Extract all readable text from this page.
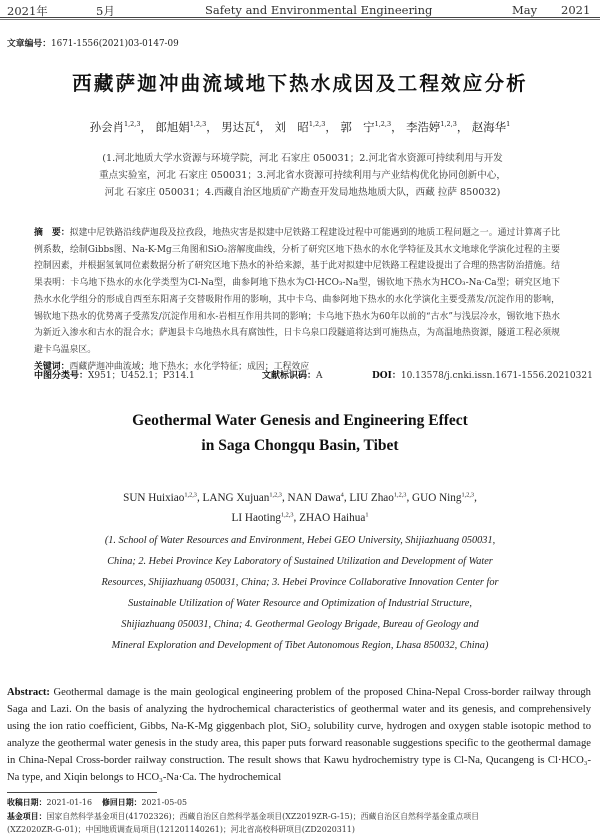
2021年	5月	Safety and Environmental Engineering	May 2021
文章编号：1671-1556(2021)03-0147-09
西藏萨迦冲曲流域地下热水成因及工程效应分析
孙会肖$^{1,2,3}$， 郎旭娟$^{1,2,3}$， 男达瓦$^4$， 刘　昭$^{1,2,3}$， 郭　宁$^{1,2,3}$， 李浩婷$^{1,2,3}$， 赵海华$^1$
(1.河北地质大学水资源与环境学院，河北 石家庄 050031；2.河北省水资源可持续利用与开发
重点实验室，河北 石家庄 050031；3.河北省水资源可持续利用与产业结构优化协同创新中心，
河北 石家庄 050031；4.西藏自治区地质矿产勘查开发局地热地质大队，西藏 拉萨 850032)
摘　要：拟建中尼铁路沿线萨迦段及拉孜段，地热灾害是拟建中尼铁路工程建设过程中可能遇到的地质工程问题之一。通过计算离子比例系数，绘制Gibbs图、Na-K-Mg三角图和SiO₂溶解度曲线，分析了研究区地下热水的水化学特征及其水文地球化学演化过程的主要控制因素，并根据氢氧同位素数据分析了研究区地下热水的补给来源，基于此对拟建中尼铁路工程建设提出了合理的热害防治措施。结果表明：卡乌地下热水的水化学类型为Cl-Na型，曲参阿地下热水为Cl·HCO₃-Na型，锡钦地下热水为HCO₃-Na·Ca型；研究区地下热水水化学组分的形成自西至东阳离子交替吸附作用的影响，其中卡乌、曲参阿地下热水的水化学演化主要受蒸发/沉淀作用的影响，锡钦地下热水的优势离子受蒸发/沉淀作用和水-岩相互作用共同的影响；卡乌地下热水为60年以前的“古水”与浅层冷水，锡钦地下热水为新近入渗水和古水的混合水；萨迦县卡乌地热水具有腐蚀性，日卡乌泉口段隧道将达到可施热点，为高温地热资源，隧道工程必须规避卡乌温泉区。
关键词：西藏萨迦冲曲流域；地下热水；水化学特征；成因；工程效应
中图分类号：X951；U452.1；P314.1	文献标识码：A	DOI：10.13578/j.cnki.issn.1671-1556.20210321
Geothermal Water Genesis and Engineering Effect
in Saga Chongqu Basin, Tibet
SUN Huixiao$^{1,2,3}$, LANG Xujuan$^{1,2,3}$, NAN Dawa$^4$, LIU Zhao$^{1,2,3}$, GUO Ning$^{1,2,3}$,
LI Haoting$^{1,2,3}$, ZHAO Haihua$^1$
(1. School of Water Resources and Environment, Hebei GEO University, Shijiazhuang 050031,
China; 2. Hebei Province Key Laboratory of Sustained Utilization and Development of Water
Resources, Shijiazhuang 050031, China; 3. Hebei Province Collaborative Innovation Center for
Sustainable Utilization of Water Resource and Optimization of Industrial Structure,
Shijiazhuang 050031, China; 4. Geothermal Geology Brigade, Bureau of Geology and
Mineral Exploration and Development of Tibet Autonomous Region, Lhasa 850032, China)
Abstract: Geothermal damage is the main geological engineering problem of the proposed China-Nepal Cross-border railway through Saga and Lazi. On the basis of analyzing the hydrochemical characteristics of geothermal water and its genesis, and comprehensively using the ion ratio coefficient, Gibbs, Na-K-Mg giggenbach plot, SiO₂ solubility curve, hydrogen and oxygen stable isotopic method to analyze the geothermal water genesis in the study area, this paper puts forward reasonable suggestions specific to the geothermal damage in China-Nepal Cross-border railway construction. The result shows that Kawu hydrochemistry type is Cl-Na, Qucangeng is Cl·HCO₃-Na type, and Xiqin belongs to HCO₃-Na·Ca. The hydrochemical
收稿日期：2021-01-16 修回日期：2021-05-05
基金项目：国家自然科学基金项目(41702326)；西藏自治区自然科学基金项目(XZ2019ZR-G-15)；西藏自治区自然科学基金重点项目
(XZ2020ZR-G-01)；中国地质调查局项目(121201140261)；河北省高校科研项目(ZD2020311)
